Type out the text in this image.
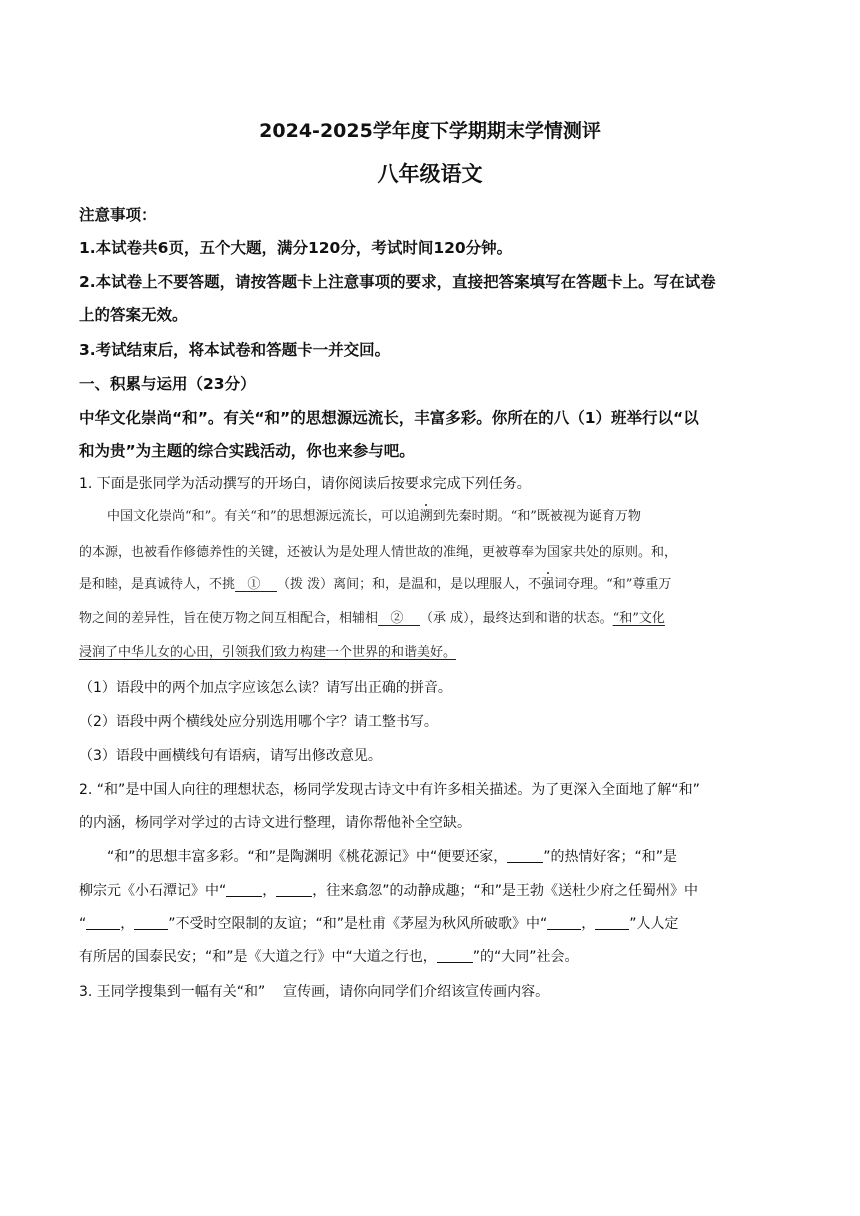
2024-2025学年度下学期期末学情测评
八年级语文
注意事项：
1.本试卷共6页，五个大题，满分120分，考试时间120分钟。
2.本试卷上不要答题，请按答题卡上注意事项的要求，直接把答案填写在答题卡上。写在试卷
上的答案无效。
3.考试结束后，将本试卷和答题卡一并交回。
一、积累与运用（23分）
中华文化崇尚“和”。有关“和”的思想源远流长，丰富多彩。你所在的八（1）班举行以“以
和为贵”为主题的综合实践活动，你也来参与吧。
1. 下面是张同学为活动撰写的开场白，请你阅读后按要求完成下列任务。
中国文化崇尚“和”。有关“和”的思想源远流长，可以追溯到先秦时期。“和”既被视为诞育万物
的本源，也被看作修德养性的关键，还被认为是处理人情世故的准绳，更被尊奉为国家共处的原则。和，
是和睦，是真诚待人，不挑 ① （拨 泼）离间；和，是温和，是以理服人，不强词夺理。“和”尊重万
物之间的差异性，旨在使万物之间互相配合，相辅相 ② （承 成），最终达到和谐的状态。“和”文化
浸润了中华儿女的心田，引领我们致力构建一个世界的和谐美好。
（1）语段中的两个加点字应该怎么读？请写出正确的拼音。
（2）语段中两个横线处应分别选用哪个字？请工整书写。
（3）语段中画横线句有语病，请写出修改意见。
2. “和”是中国人向往的理想状态，杨同学发现古诗文中有许多相关描述。为了更深入全面地了解“和”
的内涵，杨同学对学过的古诗文进行整理，请你帮他补全空缺。
“和”的思想丰富多彩。“和”是陶渊明《桃花源记》中“便要还家，	”的热情好客；“和”是
柳宗元《小石潭记》中“	，	，往来翕忽”的动静成趣；“和”是王勃《送杜少府之任蜀州》中
“ ， ”不受时空限制的友谊；“和”是杜甫《茅屋为秋风所破歌》中“ ， ”人人定
有所居的国泰民安；“和”是《大道之行》中“大道之行也，	”的“大同”社会。
3. 王同学搜集到一幅有关“和” 宣传画，请你向同学们介绍该宣传画内容。
